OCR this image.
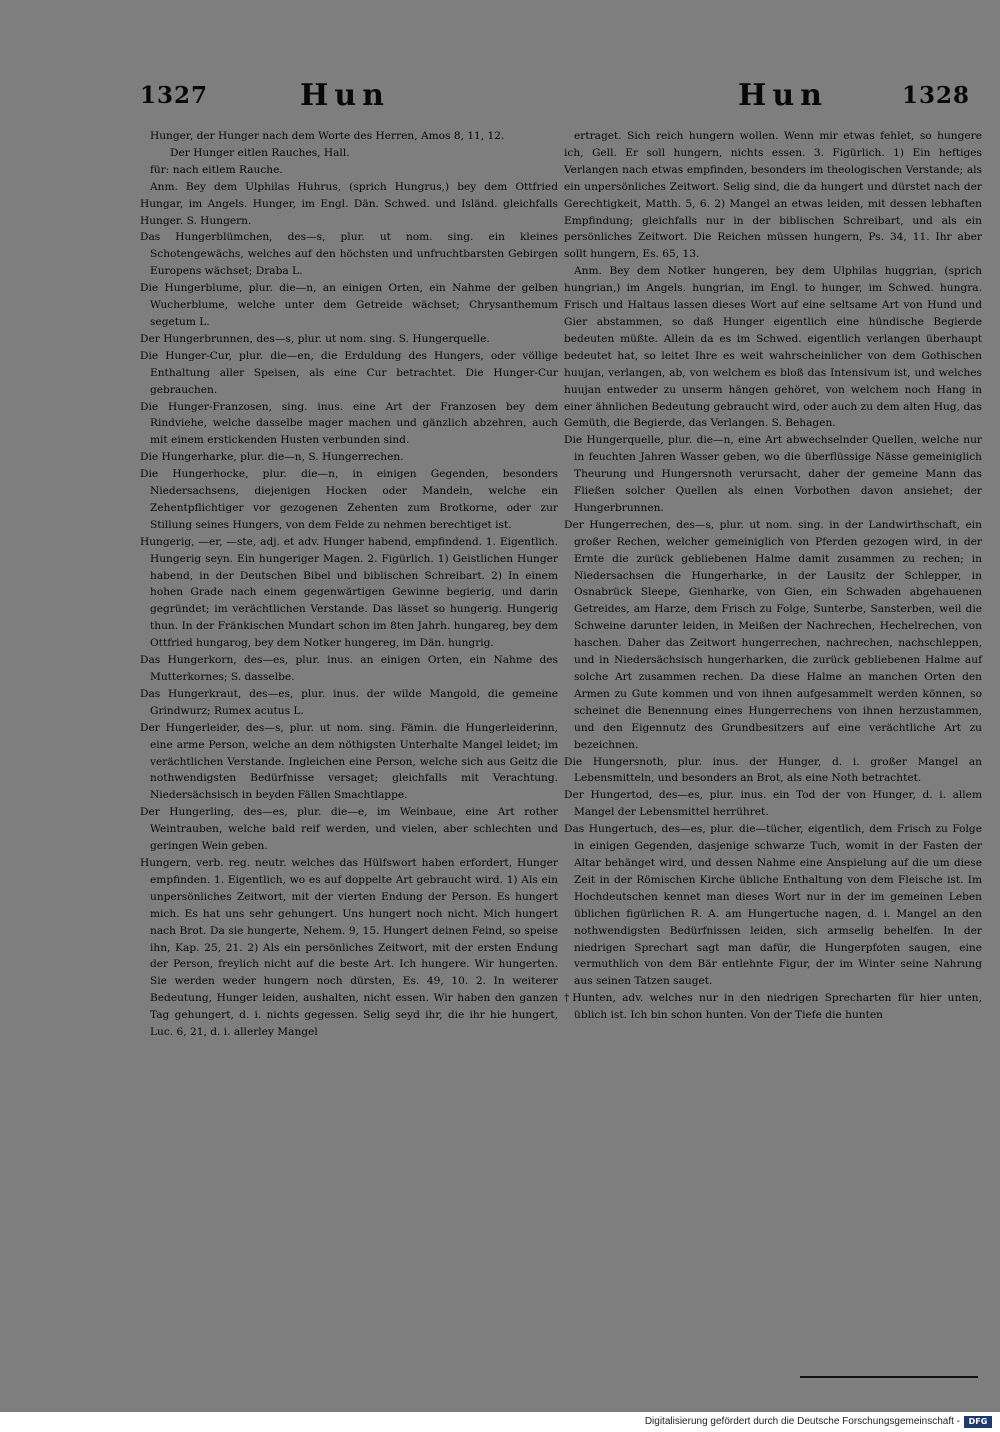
1327	Hun	Hun	1328

Hunger, der Hunger nach dem Worte des Herren, Amos 8, 11, 12.

Der Hunger eitlen Rauches, Hall.

für: nach eitlem Rauche.

Anm. Bey dem Ulphilas Huhrus, (sprich Hungrus,) bey dem Ottfried Hungar, im Angels. Hunger, im Engl. Dän. Schwed. und Isländ. gleichfalls Hunger. S. Hungern.

Das Hungerblümchen, des—s, plur. ut nom. sing. ein kleines Schotengewächs, welches auf den höchsten und unfruchtbarsten Gebirgen Europens wächset; Draba L.

Die Hungerblume, plur. die—n, an einigen Orten, ein Nahme der gelben Wucherblume, welche unter dem Getreide wächset; Chrysanthemum segetum L.

Der Hungerbrunnen, des—s, plur. ut nom. sing. S. Hungerquelle.

Die Hunger-Cur, plur. die—en, die Erduldung des Hungers, oder völlige Enthaltung aller Speisen, als eine Cur betrachtet. Die Hunger-Cur gebrauchen.

Die Hunger-Franzosen, sing. inus. eine Art der Franzosen bey dem Rindviehe, welche dasselbe mager machen und gänzlich abzehren, auch mit einem erstickenden Husten verbunden sind.

Die Hungerharke, plur. die—n, S. Hungerrechen.

Die Hungerhocke, plur. die—n, in einigen Gegenden, besonders Niedersachsens, diejenigen Hocken oder Mandeln, welche ein Zehentpflichtiger vor gezogenen Zehenten zum Brotkorne, oder zur Stillung seines Hungers, von dem Felde zu nehmen berechtiget ist.

Hungerig, —er, —ste, adj. et adv. Hunger habend, empfindend. 1. Eigentlich. Hungerig seyn. Ein hungeriger Magen. 2. Figürlich. 1) Geistlichen Hunger habend, in der Deutschen Bibel und biblischen Schreibart. 2) In einem hohen Grade nach einem gegenwärtigen Gewinne begierig, und darin gegründet; im verächtlichen Verstande. Das lässet so hungerig. Hungerig thun. In der Fränkischen Mundart schon im 8ten Jahrh. hungareg, bey dem Ottfried hungarog, bey dem Notker hungereg, im Dän. hungrig.

Das Hungerkorn, des—es, plur. inus. an einigen Orten, ein Nahme des Mutterkornes; S. dasselbe.

Das Hungerkraut, des—es, plur. inus. der wilde Mangold, die gemeine Grindwurz; Rumex acutus L.

Der Hungerleider, des—s, plur. ut nom. sing. Fämin. die Hungerleiderinn, eine arme Person, welche an dem nöthigsten Unterhalte Mangel leidet; im verächtlichen Verstande. Ingleichen eine Person, welche sich aus Geitz die nothwendigsten Bedürfnisse versaget; gleichfalls mit Verachtung. Niedersächsisch in beyden Fällen Smachtlappe.

Der Hungerling, des—es, plur. die—e, im Weinbaue, eine Art rother Weintrauben, welche bald reif werden, und vielen, aber schlechten und geringen Wein geben.

Hungern, verb. reg. neutr. welches das Hülfswort haben erfordert, Hunger empfinden. 1. Eigentlich, wo es auf doppelte Art gebraucht wird. 1) Als ein unpersönliches Zeitwort, mit der vierten Endung der Person. Es hungert mich. Es hat uns sehr gehungert. Uns hungert noch nicht. Mich hungert nach Brot. Da sie hungerte, Nehem. 9, 15. Hungert deinen Feind, so speise ihn, Kap. 25, 21. 2) Als ein persönliches Zeitwort, mit der ersten Endung der Person, freylich nicht auf die beste Art. Ich hungere. Wir hungerten. Sie werden weder hungern noch dürsten, Es. 49, 10. 2. In weiterer Bedeutung, Hunger leiden, aushalten, nicht essen. Wir haben den ganzen Tag gehungert, d. i. nichts gegessen. Selig seyd ihr, die ihr hie hungert, Luc. 6, 21, d. i. allerley Mangel

ertraget. Sich reich hungern wollen. Wenn mir etwas fehlet, so hungere ich, Gell. Er soll hungern, nichts essen. 3. Figürlich. 1) Ein heftiges Verlangen nach etwas empfinden, besonders im theologischen Verstande; als ein unpersönliches Zeitwort. Selig sind, die da hungert und dürstet nach der Gerechtigkeit, Matth. 5, 6. 2) Mangel an etwas leiden, mit dessen lebhaften Empfindung; gleichfalls nur in der biblischen Schreibart, und als ein persönliches Zeitwort. Die Reichen müssen hungern, Ps. 34, 11. Ihr aber sollt hungern, Es. 65, 13.

Anm. Bey dem Notker hungeren, bey dem Ulphilas huggrian, (sprich hungrian,) im Angels. hungrian, im Engl. to hunger, im Schwed. hungra. Frisch und Haltaus lassen dieses Wort auf eine seltsame Art von Hund und Gier abstammen, so daß Hunger eigentlich eine hündische Begierde bedeuten müßte. Allein da es im Schwed. eigentlich verlangen überhaupt bedeutet hat, so leitet Ihre es weit wahrscheinlicher von dem Gothischen huujan, verlangen, ab, von welchem es bloß das Intensivum ist, und welches huujan entweder zu unserm hängen gehöret, von welchem noch Hang in einer ähnlichen Bedeutung gebraucht wird, oder auch zu dem alten Hug, das Gemüth, die Begierde, das Verlangen. S. Behagen.

Die Hungerquelle, plur. die—n, eine Art abwechselnder Quellen, welche nur in feuchten Jahren Wasser geben, wo die überflüssige Nässe gemeiniglich Theurung und Hungersnoth verursacht, daher der gemeine Mann das Fließen solcher Quellen als einen Vorbothen davon ansiehet; der Hungerbrunnen.

Der Hungerrechen, des—s, plur. ut nom. sing. in der Landwirthschaft, ein großer Rechen, welcher gemeiniglich von Pferden gezogen wird, in der Ernte die zurück gebliebenen Halme damit zusammen zu rechen; in Niedersachsen die Hungerharke, in der Lausitz der Schlepper, in Osnabrück Sleepe, Gienharke, von Gien, ein Schwaden abgehauenen Getreides, am Harze, dem Frisch zu Folge, Sunterbe, Sansterben, weil die Schweine darunter leiden, in Meißen der Nachrechen, Hechelrechen, von haschen. Daher das Zeitwort hungerrechen, nachrechen, nachschleppen, und in Niedersächsisch hungerharken, die zurück gebliebenen Halme auf solche Art zusammen rechen. Da diese Halme an manchen Orten den Armen zu Gute kommen und von ihnen aufgesammelt werden können, so scheinet die Benennung eines Hungerrechens von ihnen herzustammen, und den Eigennutz des Grundbesitzers auf eine verächtliche Art zu bezeichnen.

Die Hungersnoth, plur. inus. der Hunger, d. i. großer Mangel an Lebensmitteln, und besonders an Brot, als eine Noth betrachtet.

Der Hungertod, des—es, plur. inus. ein Tod der von Hunger, d. i. allem Mangel der Lebensmittel herrühret.

Das Hungertuch, des—es, plur. die—tücher, eigentlich, dem Frisch zu Folge in einigen Gegenden, dasjenige schwarze Tuch, womit in der Fasten der Altar behänget wird, und dessen Nahme eine Anspielung auf die um diese Zeit in der Römischen Kirche übliche Enthaltung von dem Fleische ist. Im Hochdeutschen kennet man dieses Wort nur in der im gemeinen Leben üblichen figürlichen R. A. am Hungertuche nagen, d. i. Mangel an den nothwendigsten Bedürfnissen leiden, sich armselig behelfen. In der niedrigen Sprechart sagt man dafür, die Hungerpfoten saugen, eine vermuthlich von dem Bär entlehnte Figur, der im Winter seine Nahrung aus seinen Tatzen sauget.

†Hunten, adv. welches nur in den niedrigen Sprecharten für hier unten, üblich ist. Ich bin schon hunten. Von der Tiefe die hunten

Digitalisierung gefördert durch die Deutsche Forschungsgemeinschaft -	DFG
